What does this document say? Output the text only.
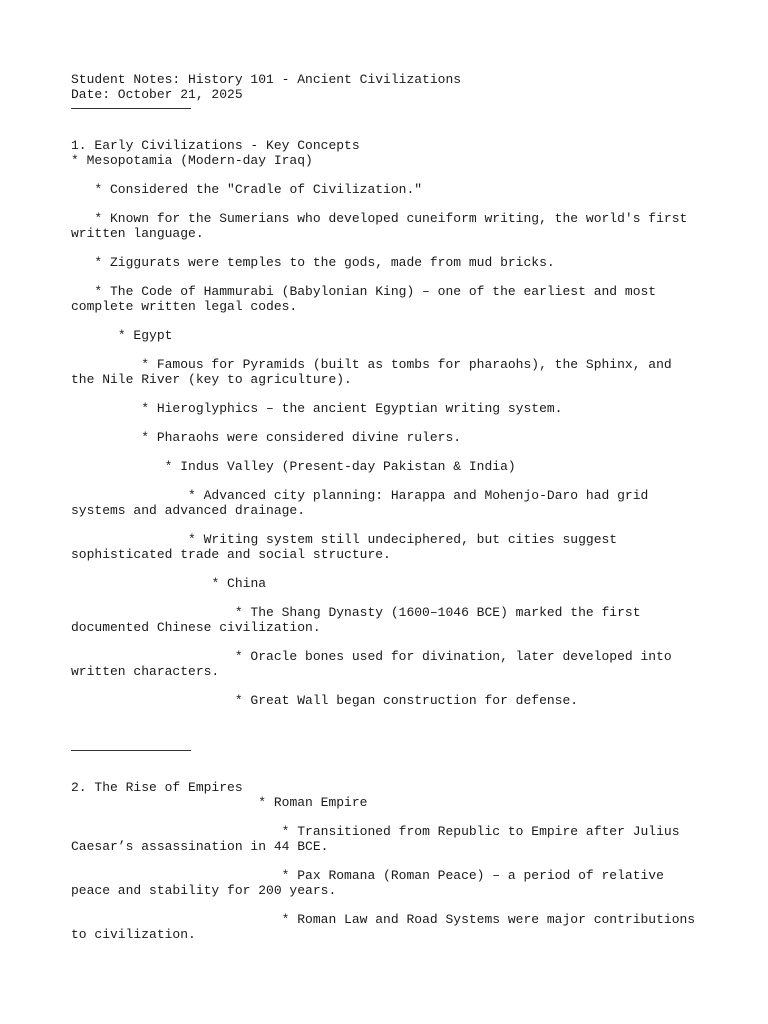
Student Notes: History 101 - Ancient Civilizations
Date: October 21, 2025
1. Early Civilizations - Key Concepts
* Mesopotamia (Modern-day Iraq)
* Considered the "Cradle of Civilization."
* Known for the Sumerians who developed cuneiform writing, the world's first written language.
* Ziggurats were temples to the gods, made from mud bricks.
* The Code of Hammurabi (Babylonian King) – one of the earliest and most complete written legal codes.
* Egypt
* Famous for Pyramids (built as tombs for pharaohs), the Sphinx, and the Nile River (key to agriculture).
* Hieroglyphics – the ancient Egyptian writing system.
* Pharaohs were considered divine rulers.
* Indus Valley (Present-day Pakistan & India)
* Advanced city planning: Harappa and Mohenjo-Daro had grid systems and advanced drainage.
* Writing system still undeciphered, but cities suggest sophisticated trade and social structure.
* China
* The Shang Dynasty (1600–1046 BCE) marked the first documented Chinese civilization.
* Oracle bones used for divination, later developed into written characters.
* Great Wall began construction for defense.
2. The Rise of Empires
* Roman Empire
* Transitioned from Republic to Empire after Julius Caesar’s assassination in 44 BCE.
* Pax Romana (Roman Peace) – a period of relative peace and stability for 200 years.
* Roman Law and Road Systems were major contributions to civilization.
